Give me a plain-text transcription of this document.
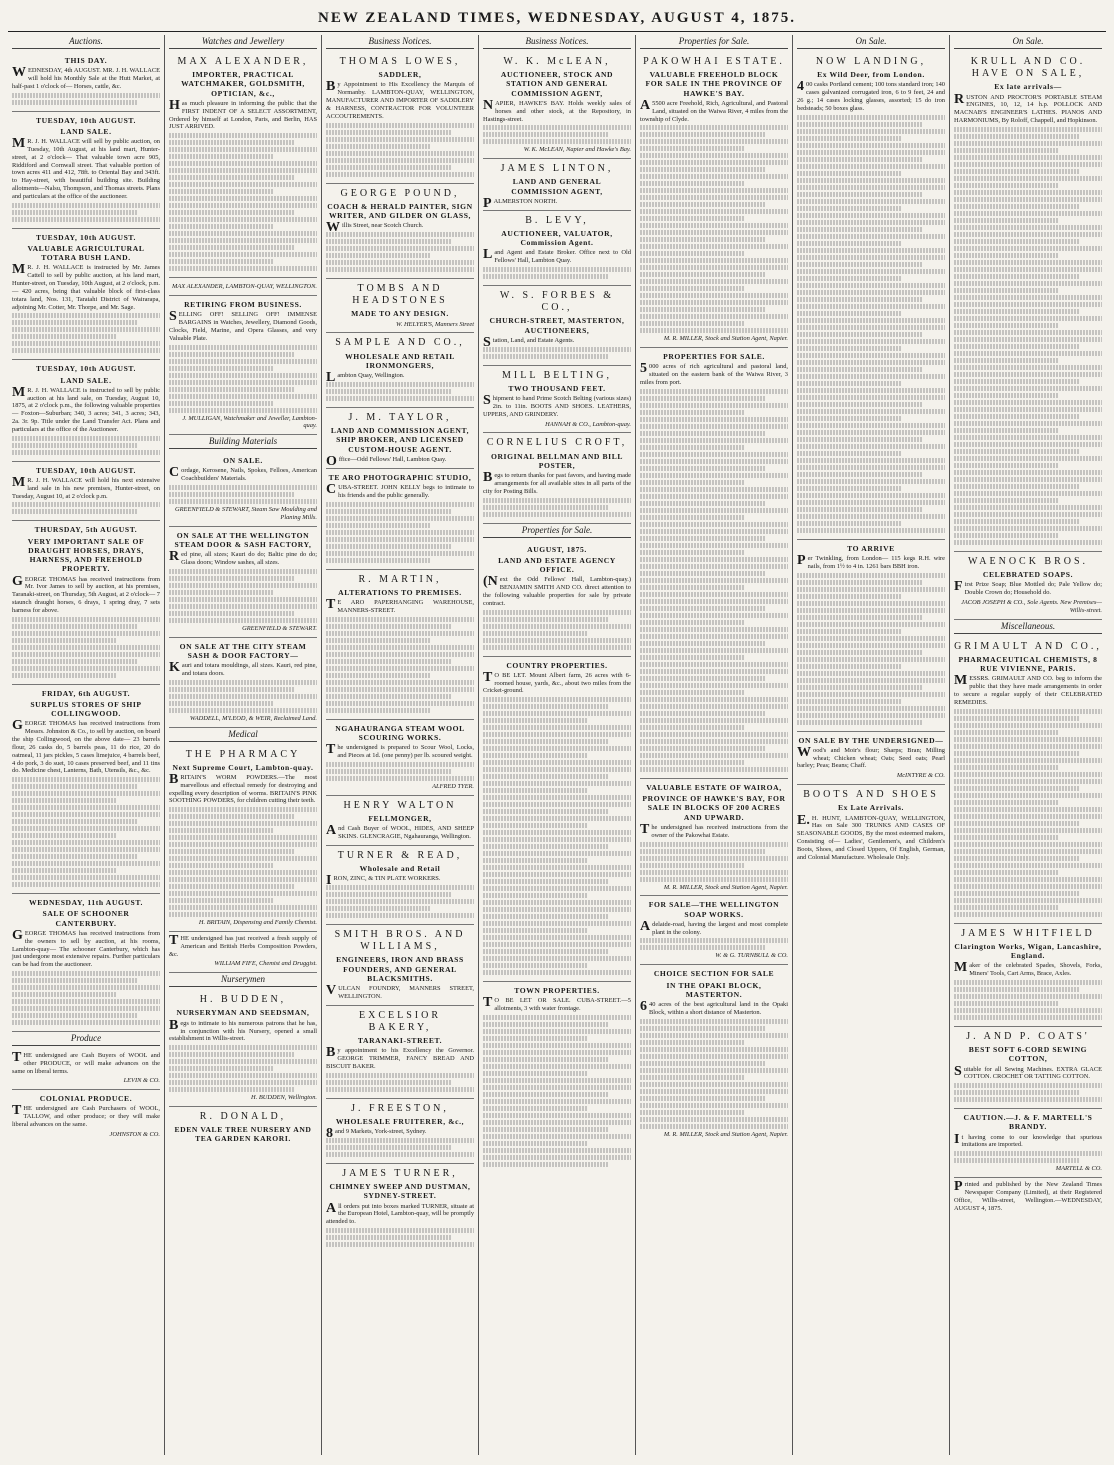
NEW ZEALAND TIMES, WEDNESDAY, AUGUST 4, 1875.
Auctions.
THIS DAY.
WEDNESDAY, 4th AUGUST. MR. J. H. WALLACE will hold his Monthly Sale at the Hutt Market, at half-past 1 o'clock of— Horses, cattle, &c.
TUESDAY, 10th AUGUST.
LAND SALE.
MR. J. H. WALLACE will sell by public auction, on Tuesday, 10th August, at his land mart, Hunter-street, at 2 o'clock— That valuable town acre 905, Riddiford and Cornwall street. That valuable portion of town acres 411 and 412, 78ft. to Oriental Bay and 343ft. to Hay-street, with beautiful building site. Building allotments—Nalsu, Thompson, and Thomas streets. Plans and particulars at the office of the auctioneer.
TUESDAY, 10th AUGUST.
VALUABLE AGRICULTURAL TOTARA BUSH LAND.
MR. J. H. WALLACE is instructed by Mr. James Cattell to sell by public auction, at his land mart, Hunter-street, on Tuesday, 10th August, at 2 o'clock, p.m.— 420 acres, being that valuable block of first-class totara land, Nos. 131, Taratahi District of Wairarapa, adjoining Mr. Cotter, Mr. Thorpe, and Mr. Sage.
TUESDAY, 10th AUGUST.
LAND SALE.
MR. J. H. WALLACE is instructed to sell by public auction at his land sale, on Tuesday, August 10, 1875, at 2 o'clock p.m., the following valuable properties— Foxton—Suburban; 340, 3 acres; 341, 3 acres; 343, 2a. 3r. 9p. Title under the Land Transfer Act. Plans and particulars at the office of the Auctioneer.
TUESDAY, 10th AUGUST.
MR. J. H. WALLACE will hold his next extensive land sale in his new premises, Hunter-street, on Tuesday, August 10, at 2 o'clock p.m.
THURSDAY, 5th AUGUST.
VERY IMPORTANT SALE OF DRAUGHT HORSES, DRAYS, HARNESS, AND FREEHOLD PROPERTY.
GEORGE THOMAS has received instructions from Mr. Ivor James to sell by auction, at his premises, Taranaki-street, on Thursday, 5th August, at 2 o'clock— 7 staunch draught horses, 6 drays, 1 spring dray, 7 sets harness for above.
FRIDAY, 6th AUGUST.
SURPLUS STORES OF SHIP COLLINGWOOD.
GEORGE THOMAS has received instructions from Messrs. Johnston & Co., to sell by auction, on board the ship Collingwood, on the above date— 23 barrels flour, 26 casks do, 5 barrels peas, 11 do rice, 20 do oatmeal, 11 jars pickles, 5 cases limejuice, 4 barrels beef, 4 do pork, 3 do suet, 10 cases preserved beef, and 11 tins do. Medicine chest, Lanterns, Bath, Utensils, &c., &c.
WEDNESDAY, 11th AUGUST.
SALE OF SCHOONER CANTERBURY.
GEORGE THOMAS has received instructions from the owners to sell by auction, at his rooms, Lambton-quay— The schooner Canterbury, which has just undergone most extensive repairs. Further particulars can be had from the auctioneer.
Produce
THE undersigned are Cash Buyers of WOOL and other PRODUCE, or will make advances on the same on liberal terms.
LEVIN & CO.
COLONIAL PRODUCE.
THE undersigned are Cash Purchasers of WOOL, TALLOW, and other produce; or they will make liberal advances on the same.
JOHNSTON & CO.
Watches and Jewellery
MAX ALEXANDER,
IMPORTER, PRACTICAL WATCHMAKER, GOLDSMITH, OPTICIAN, &c.,
Has much pleasure in informing the public that the FIRST INDENT OF A SELECT ASSORTMENT, Ordered by himself at London, Paris, and Berlin, HAS JUST ARRIVED.
MAX ALEXANDER, LAMBTON-QUAY, WELLINGTON.
RETIRING FROM BUSINESS.
SELLING OFF! SELLING OFF! IMMENSE BARGAINS in Watches, Jewellery, Diamond Goods, Clocks, Field, Marine, and Opera Glasses, and very Valuable Plate.
J. MULLIGAN, Watchmaker and Jeweller, Lambton-quay.
Building Materials
ON SALE.
Cordage, Kerosene, Nails, Spokes, Felloes, American Coachbuilders' Materials.
GREENFIELD & STEWART, Steam Saw Moulding and Planing Mills.
ON SALE AT THE WELLINGTON STEAM DOOR & SASH FACTORY,
Red pine, all sizes; Kauri do do; Baltic pine do do; Glass doors; Window sashes, all sizes.
GREENFIELD & STEWART.
ON SALE AT THE CITY STEAM SASH & DOOR FACTORY—
Kauri and totara mouldings, all sizes. Kauri, red pine, and totara doors.
WADDELL, M'LEOD, & WEIR, Reclaimed Land.
Medical
THE PHARMACY
Next Supreme Court, Lambton-quay.
BRITAIN'S WORM POWDERS.—The most marvellous and effectual remedy for destroying and expelling every description of worms. BRITAIN'S PINK SOOTHING POWDERS, for children cutting their teeth.
H. BRITAIN, Dispensing and Family Chemist.
THE undersigned has just received a fresh supply of American and British Herbs Composition Powders, &c.
WILLIAM FIFE, Chemist and Druggist.
Nurserymen
H. BUDDEN,
NURSERYMAN AND SEEDSMAN,
Begs to intimate to his numerous patrons that he has, in conjunction with his Nursery, opened a small establishment in Willis-street.
H. BUDDEN, Wellington.
R. DONALD,
EDEN VALE TREE NURSERY AND TEA GARDEN KARORI.
Business Notices.
THOMAS LOWES,
SADDLER,
By Appointment to His Excellency the Marquis of Normanby. LAMBTON-QUAY, WELLINGTON, MANUFACTURER AND IMPORTER OF SADDLERY & HARNESS, CONTRACTOR FOR VOLUNTEER ACCOUTREMENTS.
GEORGE POUND,
COACH & HERALD PAINTER, SIGN WRITER, AND GILDER ON GLASS,
Willis Street, near Scotch Church.
TOMBS AND HEADSTONES
MADE TO ANY DESIGN.
W. HELYER'S, Manners Street
SAMPLE AND CO.,
WHOLESALE AND RETAIL IRONMONGERS,
Lambton Quay, Wellington.
J. M. TAYLOR,
LAND AND COMMISSION AGENT, SHIP BROKER, AND LICENSED CUSTOM-HOUSE AGENT.
Office—Odd Fellows' Hall, Lambton Quay.
TE ARO PHOTOGRAPHIC STUDIO,
CUBA-STREET. JOHN KELLY begs to intimate to his friends and the public generally.
R. MARTIN,
ALTERATIONS TO PREMISES.
TE ARO PAPERHANGING WAREHOUSE, MANNERS-STREET.
NGAHAURANGA STEAM WOOL SCOURING WORKS.
The undersigned is prepared to Scour Wool, Locks, and Pieces at 1d. (one penny) per lb. scoured weight.
ALFRED TYER.
HENRY WALTON
FELLMONGER,
And Cash Buyer of WOOL, HIDES, AND SHEEP SKINS. GLENCRAGIE, Ngahauranga, Wellington.
TURNER & READ,
Wholesale and Retail
IRON, ZINC, & TIN PLATE WORKERS.
SMITH BROS. AND WILLIAMS,
ENGINEERS, IRON AND BRASS FOUNDERS, AND GENERAL BLACKSMITHS.
VULCAN FOUNDRY, MANNERS STREET, WELLINGTON.
EXCELSIOR BAKERY,
TARANAKI-STREET.
By appointment to his Excellency the Governor. GEORGE TRIMMER, FANCY BREAD AND BISCUIT BAKER.
J. FREESTON,
WHOLESALE FRUITERER, &c.,
8and 9 Markets, York-street, Sydney.
JAMES TURNER,
CHIMNEY SWEEP AND DUSTMAN, SYDNEY-STREET.
All orders put into boxes marked TURNER, situate at the European Hotel, Lambton-quay, will be promptly attended to.
Business Notices.
W. K. McLEAN,
AUCTIONEER, STOCK AND STATION AND GENERAL COMMISSION AGENT,
NAPIER, HAWKE'S BAY. Holds weekly sales of horses and other stock, at the Repository, in Hastings-street.
W. K. McLEAN, Napier and Hawke's Bay.
JAMES LINTON,
LAND AND GENERAL COMMISSION AGENT,
PALMERSTON NORTH.
B. LEVY,
AUCTIONEER, VALUATOR, Commission Agent.
Land Agent and Estate Broker. Office next to Old Fellows' Hall, Lambton Quay.
W. S. FORBES & CO.,
CHURCH-STREET, MASTERTON, AUCTIONEERS,
Station, Land, and Estate Agents.
MILL BELTING,
TWO THOUSAND FEET.
Shipment to hand Prime Scotch Belting (various sizes) 2in. to 11in. BOOTS AND SHOES. LEATHERS, UPPERS, AND GRINDERY.
HANNAH & CO., Lambton-quay.
CORNELIUS CROFT,
ORIGINAL BELLMAN AND BILL POSTER,
Begs to return thanks for past favors, and having made arrangements for all available sites in all parts of the city for Posting Bills.
Properties for Sale.
AUGUST, 1875.
LAND AND ESTATE AGENCY OFFICE.
(Next the Odd Fellows' Hall, Lambton-quay.) BENJAMIN SMITH AND CO. direct attention to the following valuable properties for sale by private contract.
COUNTRY PROPERTIES.
TO BE LET. Mount Albert farm, 26 acres with 6-roomed house, yards, &c., about two miles from the Cricket-ground.
TOWN PROPERTIES.
TO BE LET OR SALE. CUBA-STREET.—5 allotments, 3 with water frontage.
Properties for Sale.
PAKOWHAI ESTATE.
VALUABLE FREEHOLD BLOCK FOR SALE IN THE PROVINCE OF HAWKE'S BAY.
A5500 acre Freehold, Rich, Agricultural, and Pastoral Land, situated on the Waiwa River, 4 miles from the township of Clyde.
M. R. MILLER, Stock and Station Agent, Napier.
PROPERTIES FOR SALE.
5000 acres of rich agricultural and pastoral land, situated on the eastern bank of the Waiwa River, 3 miles from port.
VALUABLE ESTATE OF WAIROA,
PROVINCE OF HAWKE'S BAY, FOR SALE IN BLOCKS OF 200 ACRES AND UPWARD.
The undersigned has received instructions from the owner of the Pakowhai Estate.
M. R. MILLER, Stock and Station Agent, Napier.
FOR SALE—THE WELLINGTON SOAP WORKS.
Adelaide-road, having the largest and most complete plant in the colony.
W. & G. TURNBULL & CO.
CHOICE SECTION FOR SALE
IN THE OPAKI BLOCK, MASTERTON.
640 acres of the best agricultural land in the Opaki Block, within a short distance of Masterton.
M. R. MILLER, Stock and Station Agent, Napier.
On Sale.
NOW LANDING,
Ex Wild Deer, from London.
400 casks Portland cement; 100 tons standard iron; 140 cases galvanized corrugated iron, 6 to 9 feet, 24 and 26 g.; 14 cases locking glasses, assorted; 15 do iron bedsteads; 50 boxes glass.
TO ARRIVE
Per Twinkling, from London— 115 kegs R.H. wire nails, from 1½ to 4 in. 1261 bars BBH iron.
ON SALE BY THE UNDERSIGNED—
Wood's and Moir's flour; Sharps; Bran; Milling wheat; Chicken wheat; Oats; Seed oats; Pearl barley; Peas; Beans; Chaff.
McINTYRE & CO.
BOOTS AND SHOES
Ex Late Arrivals.
E.H. HUNT, LAMBTON-QUAY, WELLINGTON, Has on Sale 300 TRUNKS AND CASES OF SEASONABLE GOODS, By the most esteemed makers, Consisting of— Ladies', Gentlemen's, and Children's Boots, Shoes, and Closed Uppers, Of English, German, and Colonial Manufacture. Wholesale Only.
On Sale.
KRULL AND CO. HAVE ON SALE,
Ex late arrivals—
RUSTON AND PROCTOR'S PORTABLE STEAM ENGINES, 10, 12, 14 h.p. POLLOCK AND MACNAB'S ENGINEER'S LATHES. PIANOS AND HARMONIUMS, By Roloff, Chappell, and Hopkinson.
WAENOCK BROS.
CELEBRATED SOAPS.
First Prize Soap; Blue Mottled do; Pale Yellow do; Double Crown do; Household do.
JACOB JOSEPH & CO., Sole Agents. New Premises—Willis-street.
Miscellaneous.
GRIMAULT AND CO.,
PHARMACEUTICAL CHEMISTS, 8 RUE VIVIENNE, PARIS.
MESSRS. GRIMAULT AND CO. beg to inform the public that they have made arrangements in order to secure a regular supply of their CELEBRATED REMEDIES.
JAMES WHITFIELD
Clarington Works, Wigan, Lancashire, England.
Maker of the celebrated Spades, Shovels, Forks, Miners' Tools, Cart Arms, Brace, Axles.
J. AND P. COATS'
BEST SOFT 6-CORD SEWING COTTON,
Suitable for all Sewing Machines. EXTRA GLACE COTTON. CROCHET OR TATTING COTTON.
CAUTION.—J. & F. MARTELL'S BRANDY.
It having come to our knowledge that spurious imitations are imported.
MARTELL & CO.
Printed and published by the New Zealand Times Newspaper Company (Limited), at their Registered Office, Willis-street, Wellington.—WEDNESDAY, AUGUST 4, 1875.
